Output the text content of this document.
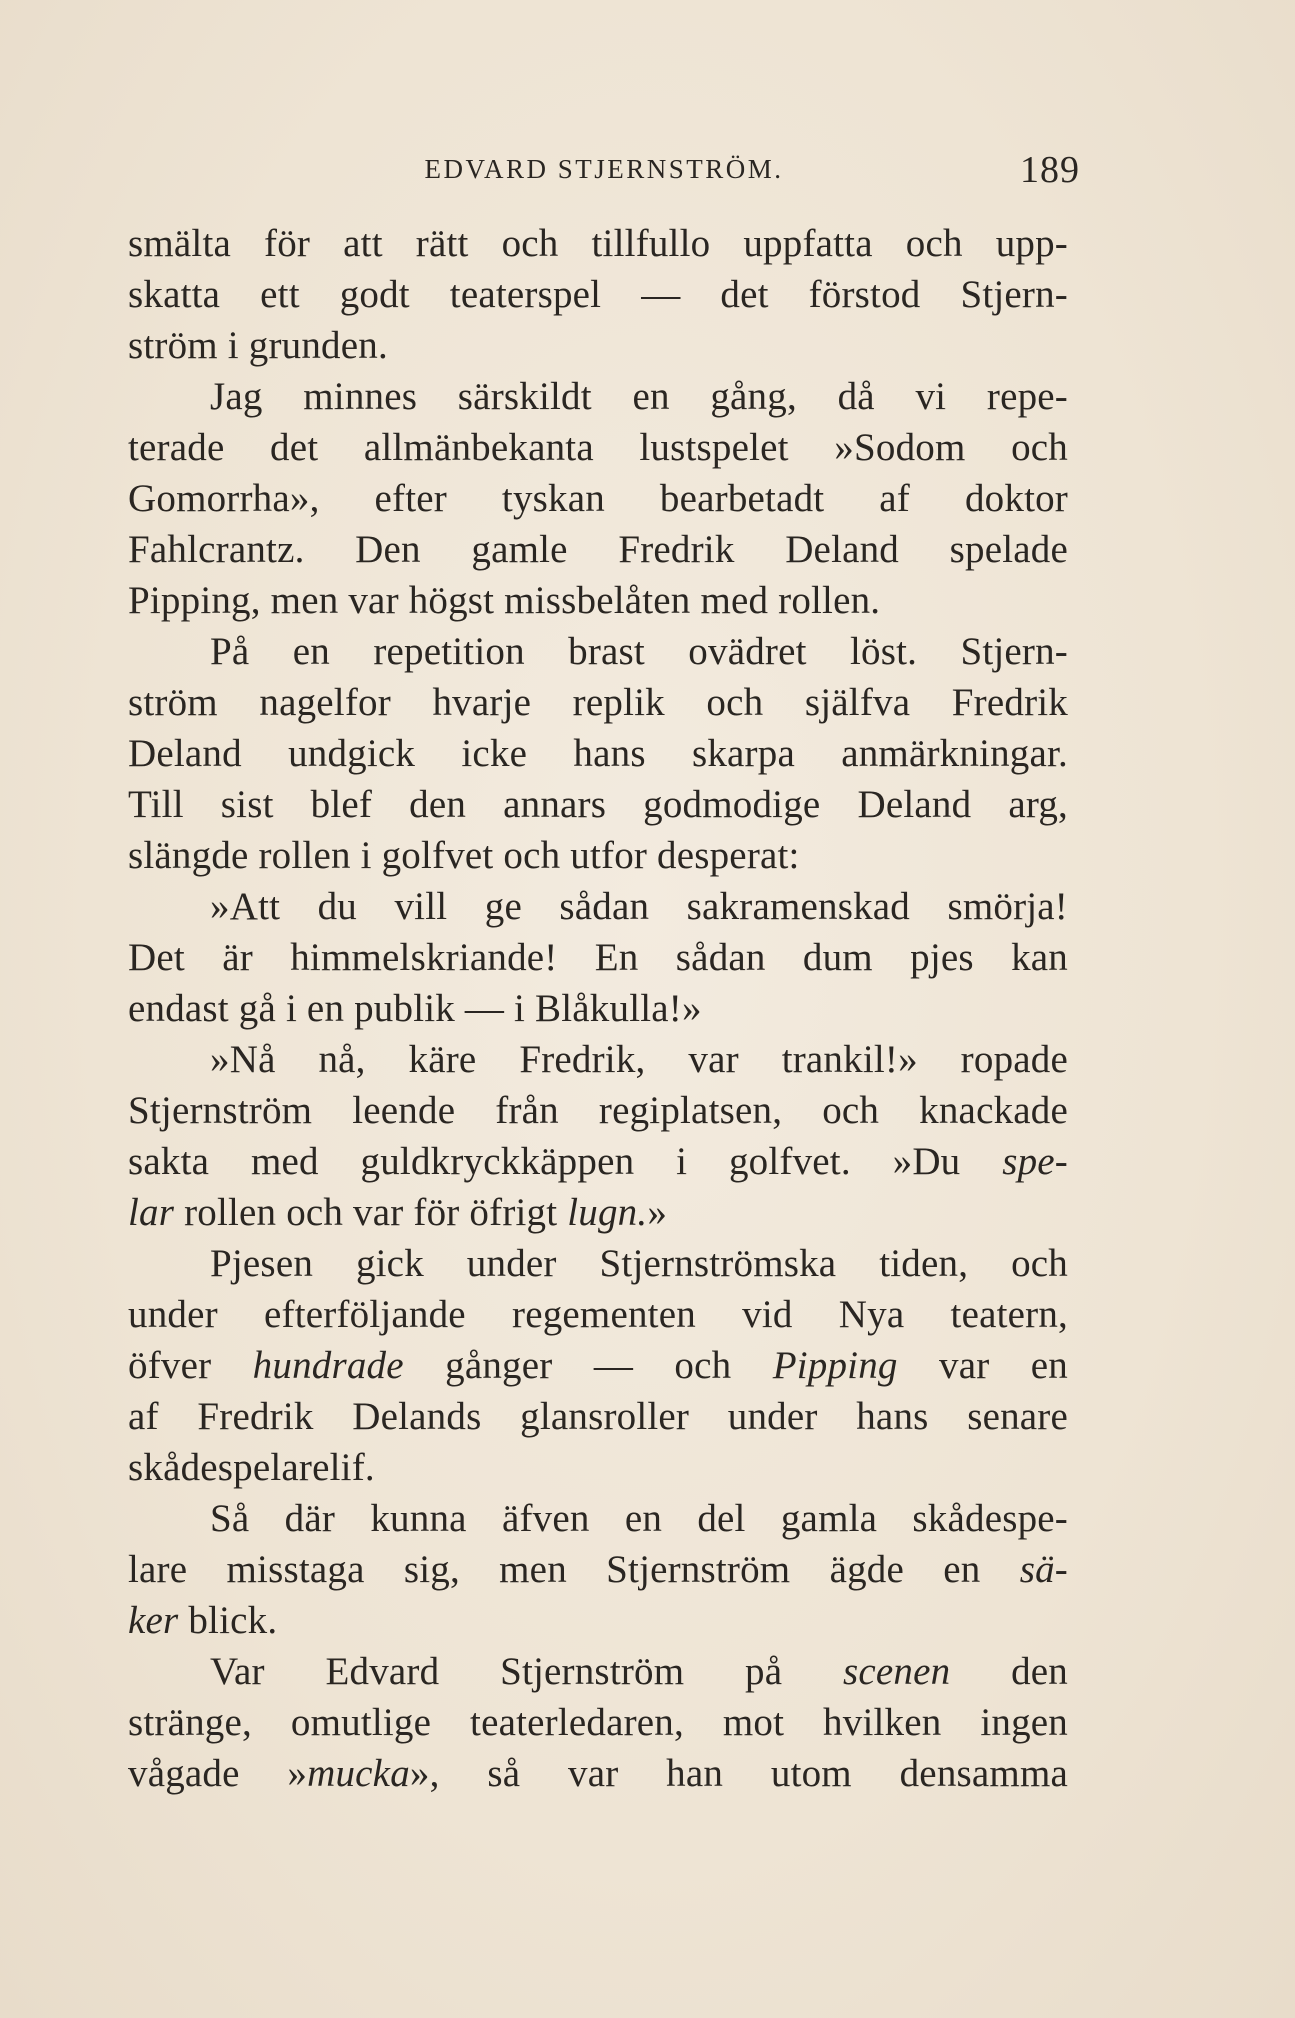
EDVARD STJERNSTRÖM.	189
smälta för att rätt och tillfullo uppfatta och upp-
skatta ett godt teaterspel — det förstod Stjern-
ström i grunden.
Jag minnes särskildt en gång, då vi repe-
terade det allmänbekanta lustspelet »Sodom och
Gomorrha», efter tyskan bearbetadt af doktor
Fahlcrantz. Den gamle Fredrik Deland spelade
Pipping, men var högst missbelåten med rollen.
På en repetition brast ovädret löst. Stjern-
ström nagelfor hvarje replik och själfva Fredrik
Deland undgick icke hans skarpa anmärkningar.
Till sist blef den annars godmodige Deland arg,
slängde rollen i golfvet och utfor desperat:
»Att du vill ge sådan sakramenskad smörja!
Det är himmelskriande! En sådan dum pjes kan
endast gå i en publik — i Blåkulla!»
»Nå nå, käre Fredrik, var trankil!» ropade
Stjernström leende från regiplatsen, och knackade
sakta med guldkryckkäppen i golfvet. »Du spe-
lar rollen och var för öfrigt lugn.»
Pjesen gick under Stjernströmska tiden, och
under efterföljande regementen vid Nya teatern,
öfver hundrade gånger — och Pipping var en
af Fredrik Delands glansroller under hans senare
skådespelarelif.
Så där kunna äfven en del gamla skådespe-
lare misstaga sig, men Stjernström ägde en sä-
ker blick.
Var Edvard Stjernström på scenen den
stränge, omutlige teaterledaren, mot hvilken ingen
vågade »mucka», så var han utom densamma
